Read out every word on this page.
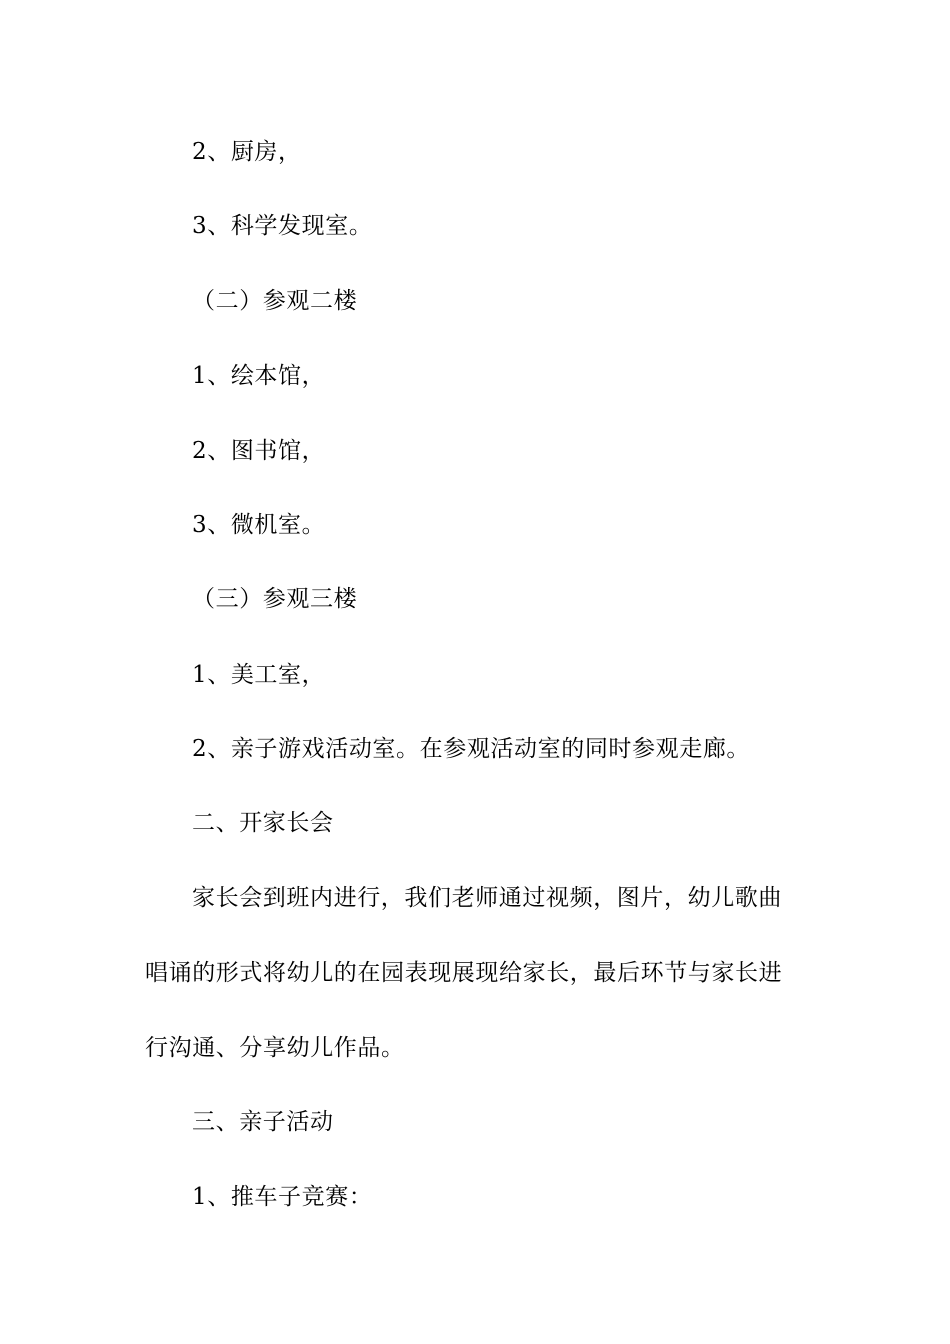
2、厨房，
3、科学发现室。
（二）参观二楼
1、绘本馆，
2、图书馆，
3、微机室。
（三）参观三楼
1、美工室，
2、亲子游戏活动室。在参观活动室的同时参观走廊。
二、开家长会
家长会到班内进行，我们老师通过视频，图片，幼儿歌曲
唱诵的形式将幼儿的在园表现展现给家长，最后环节与家长进
行沟通、分享幼儿作品。
三、亲子活动
1、推车子竞赛：
